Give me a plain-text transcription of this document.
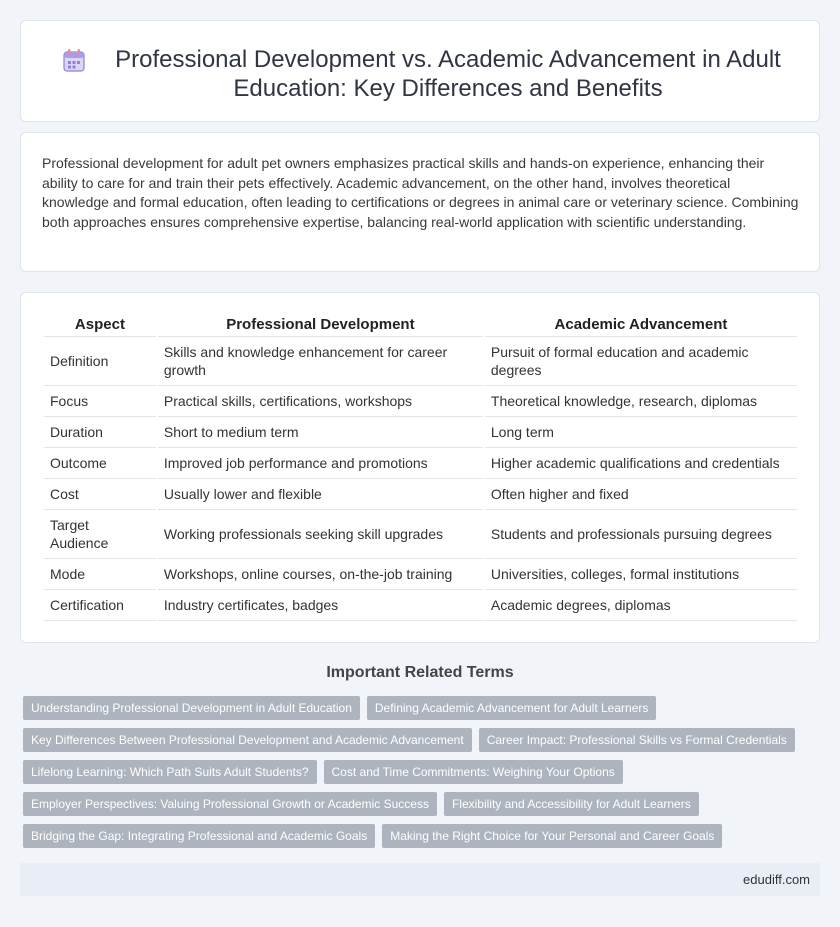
Professional Development vs. Academic Advancement in Adult Education: Key Differences and Benefits

Professional development for adult pet owners emphasizes practical skills and hands-on experience, enhancing their ability to care for and train their pets effectively. Academic advancement, on the other hand, involves theoretical knowledge and formal education, often leading to certifications or degrees in animal care or veterinary science. Combining both approaches ensures comprehensive expertise, balancing real-world application with scientific understanding.

Aspect	Professional Development	Academic Advancement
Definition	Skills and knowledge enhancement for career growth	Pursuit of formal education and academic degrees
Focus	Practical skills, certifications, workshops	Theoretical knowledge, research, diplomas
Duration	Short to medium term	Long term
Outcome	Improved job performance and promotions	Higher academic qualifications and credentials
Cost	Usually lower and flexible	Often higher and fixed
Target Audience	Working professionals seeking skill upgrades	Students and professionals pursuing degrees
Mode	Workshops, online courses, on-the-job training	Universities, colleges, formal institutions
Certification	Industry certificates, badges	Academic degrees, diplomas
Important Related Terms
Understanding Professional Development in Adult Education	Defining Academic Advancement for Adult Learners
Key Differences Between Professional Development and Academic Advancement	Career Impact: Professional Skills vs Formal Credentials
Lifelong Learning: Which Path Suits Adult Students?	Cost and Time Commitments: Weighing Your Options
Employer Perspectives: Valuing Professional Growth or Academic Success	Flexibility and Accessibility for Adult Learners
Bridging the Gap: Integrating Professional and Academic Goals	Making the Right Choice for Your Personal and Career Goals
edudiff.com
